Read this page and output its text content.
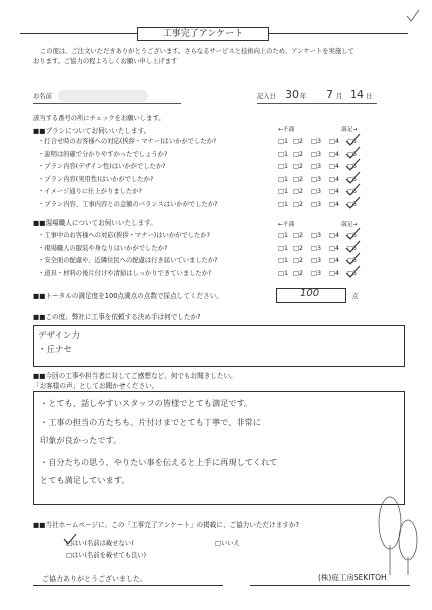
工事完了アンケート
この度は、ご注文いただきありがとうございます。さらなるサービスと技術向上のため、アンケートを実施して
おります。ご協力の程よろしくお願い申し上げます
お名前	記入日 30 年 7 月 14 日
該当する番号の所にチェックをお願いします。
■■プランについてお伺いいたします。	←不満	満足→
・打合せ時のお客様への対応(挨拶・マナー)はいかがでしたか?	□1 □2 □3 □4 □5
・説明は的確で分かりやすかったでしょうか?	□1 □2 □3 □4 □5
・プラン内容(デザイン性)はいかがでしたか?	□1 □2 □3 □4 □5
・プラン内容(実用性)はいかがでしたか?	□1 □2 □3 □4 □5
・イメージ通りに仕上がりましたか?	□1 □2 □3 □4 □5
・プラン内容、工事内容との金額のバランスはいかがでしたか?	□1 □2 □3 □4 □5
■■現場職人についてお伺いいたします。	←不満	満足→
・工事中のお客様への対応(挨拶・マナー)はいかがでしたか?	□1 □2 □3 □4 □5
・現場職人の服装や身なりはいかがでしたか?	□1 □2 □3 □4 □5
・安全面の配慮や、近隣住民への配慮は行き届いていましたか?	□1 □2 □3 □4 □5
・道具・材料の後片付けや清掃はしっかりできていましたか?	□1 □2 □3 □4 □5
■■トータルの満足度を100点満点の点数で採点してください。	100	点
■■この度、弊社に工事を依頼する決め手は何でしたか?
デザイン力
・丘ナセ
■■今回の工事や担当者に対してご感想など、何でもお聞きしたい。
「お客様の声」としてお聞かせください。
・とても、話しやすいスタッフの皆様でとても満足です。
・工事の担当の方たちも、片付けまでとても丁寧で、非常に
印象が良かったです。
・自分たちの思う、やりたい事を伝えると上手に再現してくれて
とても満足しています。
■■当社ホームページに、この「工事完了アンケート」の掲載に、ご協力いただけますか?
□はい(名前は載せない)	□いいえ
□はい(名前を載せても良い)
ご協力ありがとうございました。	(株)庭工房SEKITOH
